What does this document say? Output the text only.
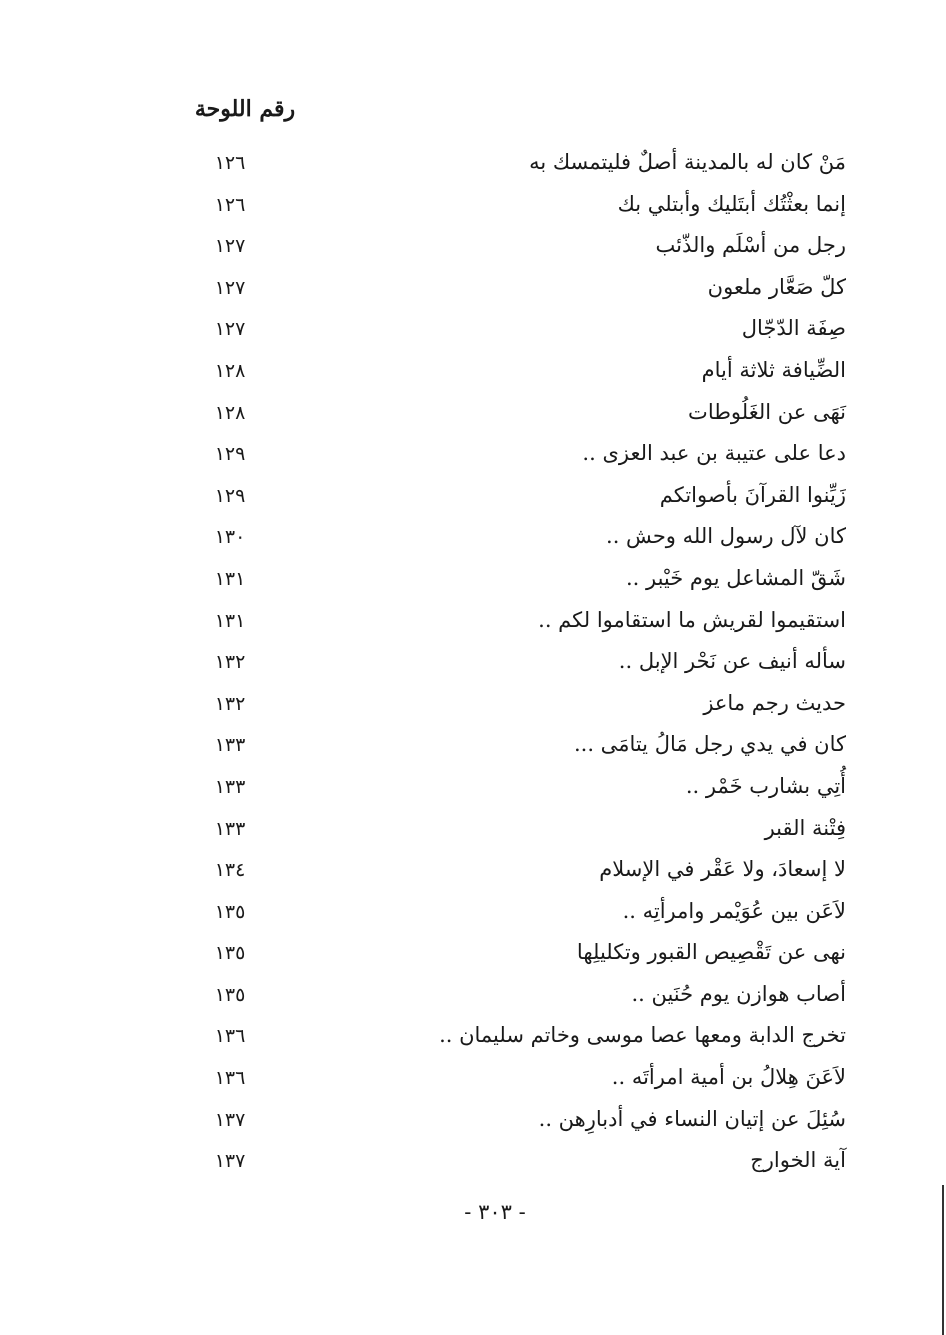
رقم اللوحة
مَنْ كان له بالمدينة أصلٌ فليتمسك به
١٢٦
إنما بعثْتُك أبتَليك وأبتلي بك
١٢٦
رجل من أسْلَم والذّئب
١٢٧
كلّ صَعَّار ملعون
١٢٧
صِفَة الدّجّال
١٢٧
الضِّيافة ثلاثة أيام
١٢٨
نَهَى عن الغَلُوطات
١٢٨
دعا على عتيبة بن عبد العزى ..
١٢٩
زَيِّنوا القرآنَ بأصواتكم
١٢٩
كان لآل رسول الله وحش ..
١٣٠
شَقّ المشاعل يوم خَيْبر ..
١٣١
استقيموا لقريش ما استقاموا لكم ..
١٣١
سأله أنيف عن نَحْر الإبل ..
١٣٢
حديث رجم ماعز
١٣٢
كان في يدي رجل مَالُ يتامَى ...
١٣٣
أُتِي بشارب خَمْر ..
١٣٣
فِتْنة القبر
١٣٣
لا إسعادَ، ولا عَقْر في الإسلام
١٣٤
لاَعَن بين عُوَيْمر وامرأتِه ..
١٣٥
نهى عن تَقْصِيص القبور وتكليلِها
١٣٥
أصاب هوازن يوم حُنَين ..
١٣٥
تخرج الدابة ومعها عصا موسى وخاتم سليمان ..
١٣٦
لاَعَنَ هِلالُ بن أمية امرأتَه ..
١٣٦
سُئِلَ عن إتيان النساء في أدبارِهن ..
١٣٧
آية الخوارج
١٣٧
- ٣٠٣ -
